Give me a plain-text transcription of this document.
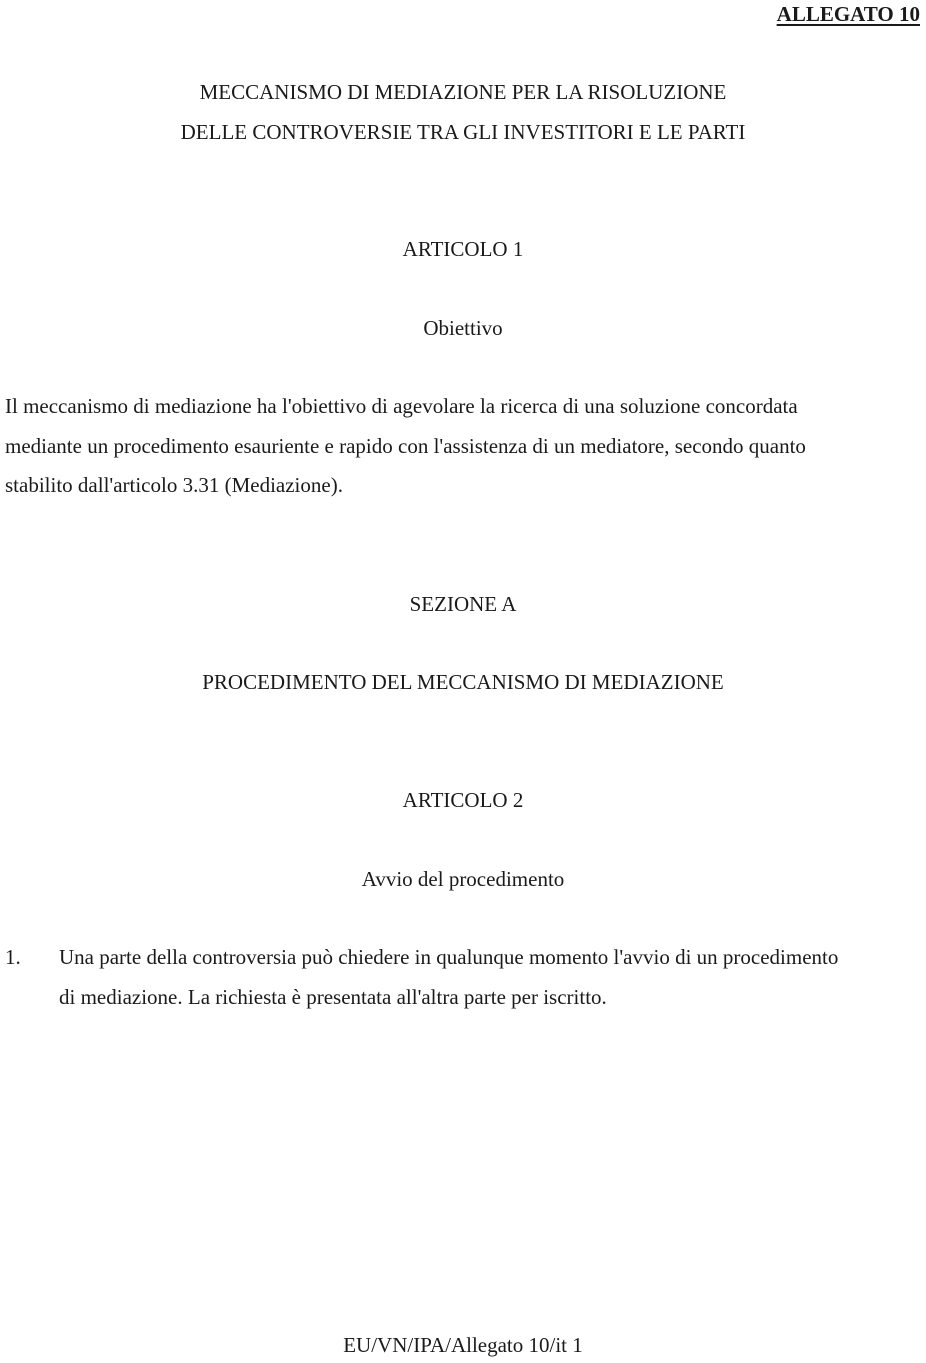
ALLEGATO 10
MECCANISMO DI MEDIAZIONE PER LA RISOLUZIONE
DELLE CONTROVERSIE TRA GLI INVESTITORI E LE PARTI
ARTICOLO 1
Obiettivo
Il meccanismo di mediazione ha l'obiettivo di agevolare la ricerca di una soluzione concordata
mediante un procedimento esauriente e rapido con l'assistenza di un mediatore, secondo quanto
stabilito dall'articolo 3.31 (Mediazione).
SEZIONE A
PROCEDIMENTO DEL MECCANISMO DI MEDIAZIONE
ARTICOLO 2
Avvio del procedimento
1. Una parte della controversia può chiedere in qualunque momento l'avvio di un procedimento
di mediazione. La richiesta è presentata all'altra parte per iscritto.
EU/VN/IPA/Allegato 10/it 1
